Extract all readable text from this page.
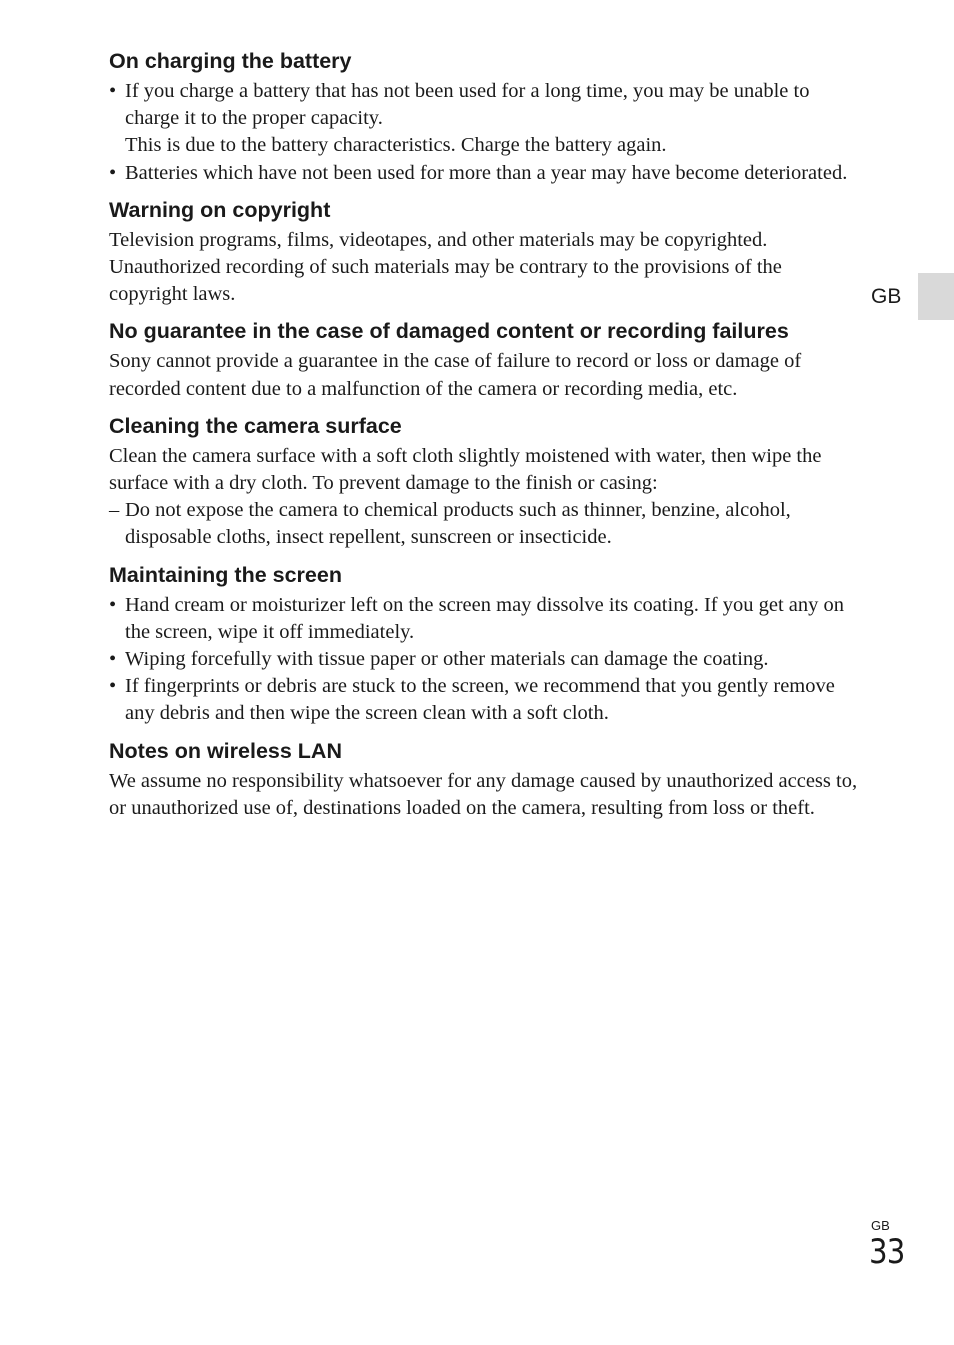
On charging the battery
• If you charge a battery that has not been used for a long time, you may be unable to charge it to the proper capacity.
This is due to the battery characteristics. Charge the battery again.
• Batteries which have not been used for more than a year may have become deteriorated.
Warning on copyright

Television programs, films, videotapes, and other materials may be copyrighted. Unauthorized recording of such materials may be contrary to the provisions of the copyright laws.

No guarantee in the case of damaged content or recording failures

Sony cannot provide a guarantee in the case of failure to record or loss or damage of recorded content due to a malfunction of the camera or recording media, etc.

Cleaning the camera surface

Clean the camera surface with a soft cloth slightly moistened with water, then wipe the surface with a dry cloth. To prevent damage to the finish or casing:

– Do not expose the camera to chemical products such as thinner, benzine, alcohol, disposable cloths, insect repellent, sunscreen or insecticide.
Maintaining the screen
• Hand cream or moisturizer left on the screen may dissolve its coating. If you get any on the screen, wipe it off immediately.
• Wiping forcefully with tissue paper or other materials can damage the coating.
• If fingerprints or debris are stuck to the screen, we recommend that you gently remove any debris and then wipe the screen clean with a soft cloth.
Notes on wireless LAN

We assume no responsibility whatsoever for any damage caused by unauthorized access to, or unauthorized use of, destinations loaded on the camera, resulting from loss or theft.

GB
GB
33
